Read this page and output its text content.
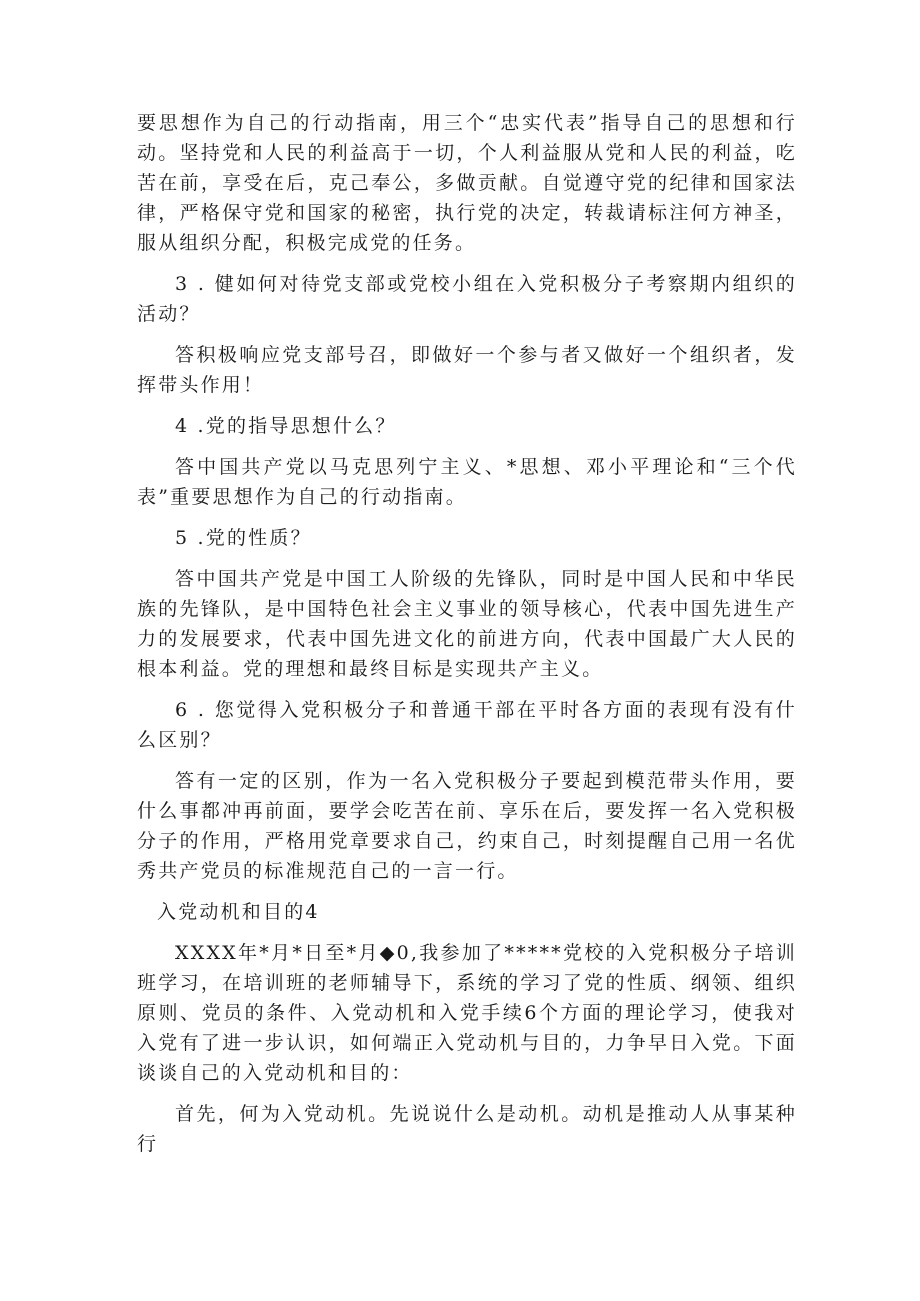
要思想作为自己的行动指南，用三个“忠实代表”指导自己的思想和行动。坚持党和人民的利益高于一切，个人利益服从党和人民的利益，吃苦在前，享受在后，克己奉公，多做贡献。自觉遵守党的纪律和国家法律，严格保守党和国家的秘密，执行党的决定，转裁请标注何方神圣，服从组织分配，积极完成党的任务。

3 . 健如何对待党支部或党校小组在入党积极分子考察期内组织的活动？

答积极响应党支部号召，即做好一个参与者又做好一个组织者，发挥带头作用！

4 .党的指导思想什么？

答中国共产党以马克思列宁主义、*思想、邓小平理论和“三个代表”重要思想作为自己的行动指南。

5 .党的性质？

答中国共产党是中国工人阶级的先锋队，同时是中国人民和中华民族的先锋队，是中国特色社会主义事业的领导核心，代表中国先进生产力的发展要求，代表中国先进文化的前进方向，代表中国最广大人民的根本利益。党的理想和最终目标是实现共产主义。

6 . 您觉得入党积极分子和普通干部在平时各方面的表现有没有什么区别？

答有一定的区别，作为一名入党积极分子要起到模范带头作用，要什么事都冲再前面，要学会吃苦在前、享乐在后，要发挥一名入党积极分子的作用，严格用党章要求自己，约束自己，时刻提醒自己用一名优秀共产党员的标准规范自己的一言一行。

入党动机和目的4

XXXX年*月*日至*月◆0,我参加了*****党校的入党积极分子培训班学习，在培训班的老师辅导下，系统的学习了党的性质、纲领、组织原则、党员的条件、入党动机和入党手续6个方面的理论学习，使我对入党有了进一步认识，如何端正入党动机与目的，力争早日入党。下面谈谈自己的入党动机和目的：

首先，何为入党动机。先说说什么是动机。动机是推动人从事某种行
